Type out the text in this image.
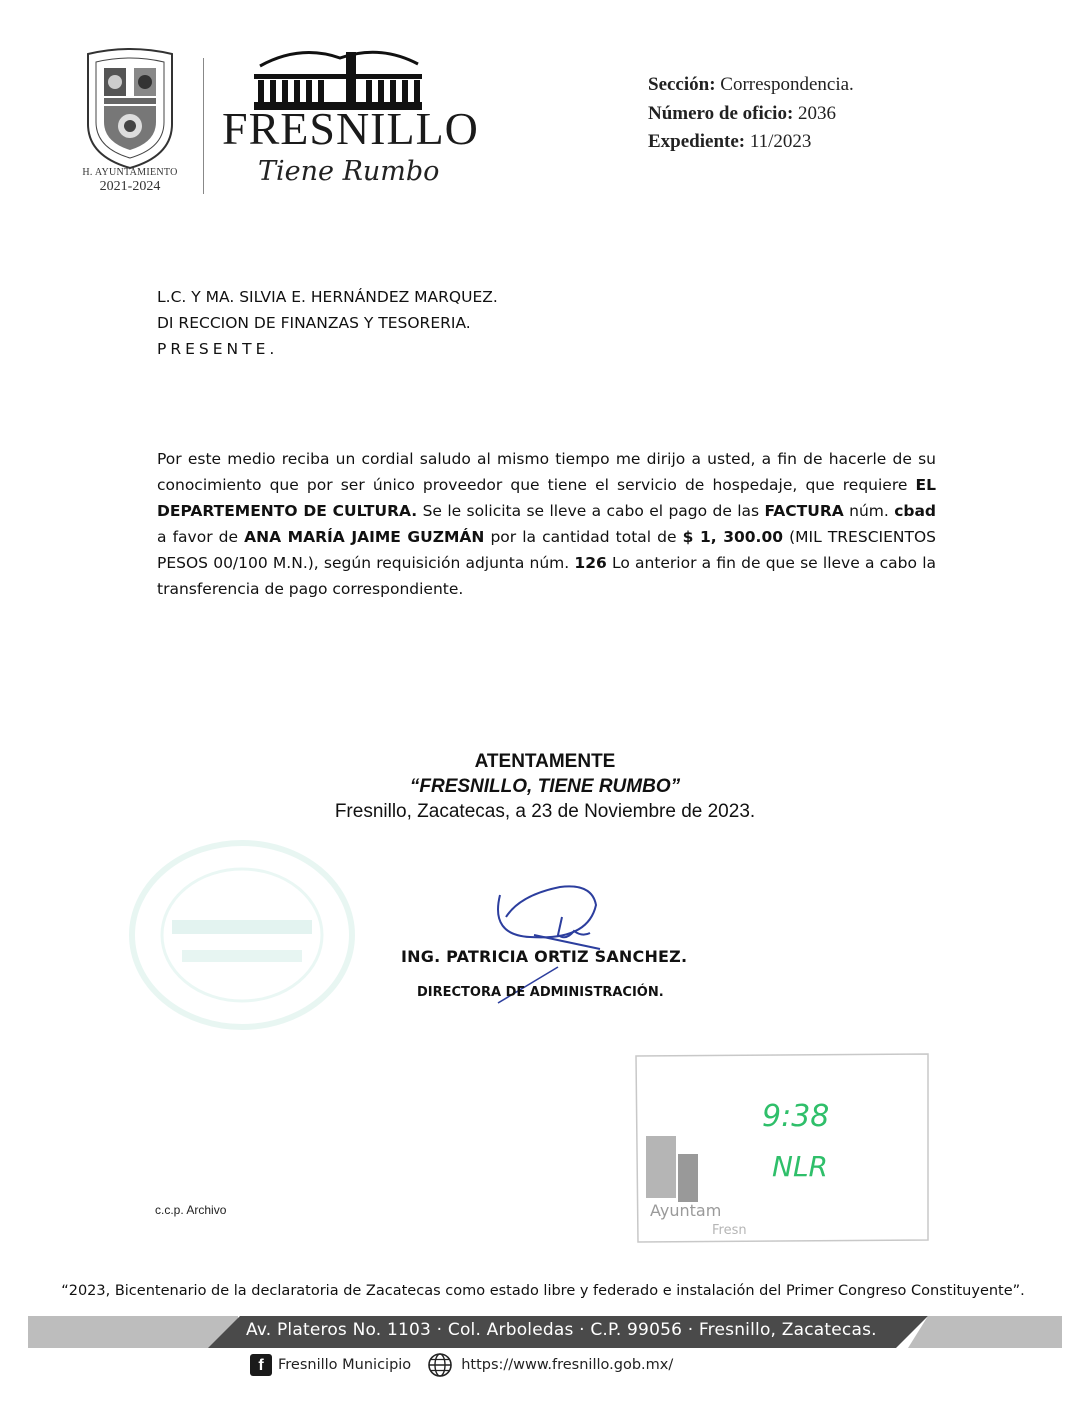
H. AYUNTAMIENTO
2021-2024
FRESNILLO
Tiene Rumbo
Sección: Correspondencia.
Número de oficio: 2036
Expediente: 11/2023
L.C. Y MA. SILVIA E. HERNÁNDEZ MARQUEZ.
DI RECCION DE FINANZAS Y TESORERIA.
PRESENTE.
Por este medio reciba un cordial saludo al mismo tiempo me dirijo a usted, a fin de hacerle de su conocimiento que por ser único proveedor que tiene el servicio de hospedaje, que requiere EL DEPARTEMENTO DE CULTURA. Se le solicita se lleve a cabo el pago de las FACTURA núm. cbad a favor de ANA MARÍA JAIME GUZMÁN por la cantidad total de $ 1, 300.00 (MIL TRESCIENTOS PESOS 00/100 M.N.), según requisición adjunta núm. 126 Lo anterior a fin de que se lleve a cabo la transferencia de pago correspondiente.
ATENTAMENTE
“FRESNILLO, TIENE RUMBO”
Fresnillo, Zacatecas, a 23 de Noviembre de 2023.
ING. PATRICIA ORTIZ SANCHEZ.
DIRECTORA DE ADMINISTRACIÓN.
9:38
NLR
Ayuntam
Fresn
c.c.p. Archivo
“2023, Bicentenario de la declaratoria de Zacatecas como estado libre y federado e instalación del Primer Congreso Constituyente”.
Av. Plateros No. 1103 · Col. Arboledas · C.P. 99056 · Fresnillo, Zacatecas.
f Fresnillo Municipio	https://www.fresnillo.gob.mx/
